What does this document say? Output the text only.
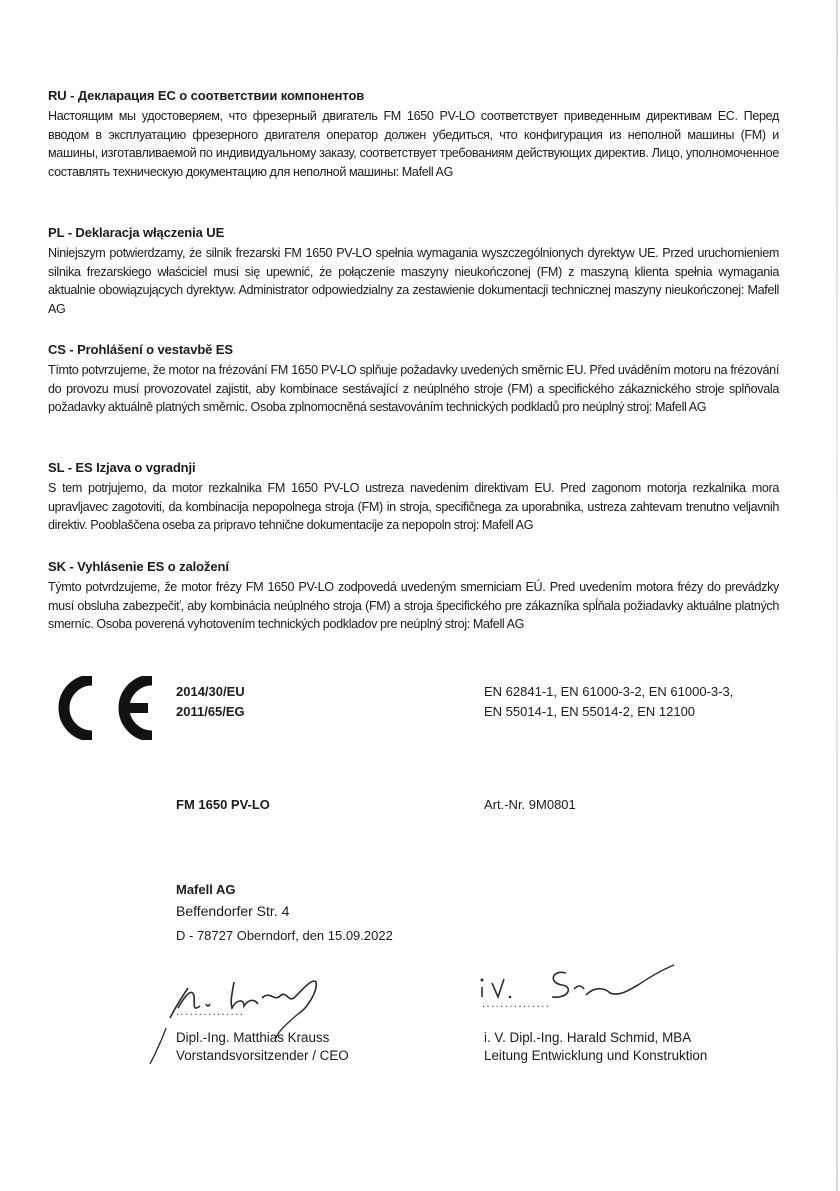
RU - Декларация ЕС о соответствии компонентов
Настоящим мы удостоверяем, что фрезерный двигатель FM 1650 PV-LO соответствует приведенным директивам ЕС. Перед вводом в эксплуатацию фрезерного двигателя оператор должен убедиться, что конфигурация из неполной машины (FM) и машины, изготавливаемой по индивидуальному заказу, соответствует требованиям действующих директив. Лицо, уполномоченное составлять техническую документацию для неполной машины: Mafell AG
PL - Deklaracja włączenia UE
Niniejszym potwierdzamy, że silnik frezarski FM 1650 PV-LO spełnia wymagania wyszczególnionych dyrektyw UE. Przed uruchomieniem silnika frezarskiego właściciel musi się upewnić, że połączenie maszyny nieukończonej (FM) z maszyną klienta spełnia wymagania aktualnie obowiązujących dyrektyw. Administrator odpowiedzialny za zestawienie dokumentacji technicznej maszyny nieukończonej: Mafell AG
CS - Prohlášení o vestavbě ES
Tímto potvrzujeme, že motor na frézování FM 1650 PV-LO splňuje požadavky uvedených směrnic EU. Před uváděním motoru na frézování do provozu musí provozovatel zajistit, aby kombinace sestávající z neúplného stroje (FM) a specifického zákaznického stroje splňovala požadavky aktuálně platných směrnic. Osoba zplnomocněná sestavováním technických podkladů pro neúplný stroj: Mafell AG
SL - ES Izjava o vgradnji
S tem potrjujemo, da motor rezkalnika FM 1650 PV-LO ustreza navedenim direktivam EU. Pred zagonom motorja rezkalnika mora upravljavec zagotoviti, da kombinacija nepopolnega stroja (FM) in stroja, specifičnega za uporabnika, ustreza zahtevam trenutno veljavnih direktiv. Pooblaščena oseba za pripravo tehnične dokumentacije za nepopoln stroj: Mafell AG
SK - Vyhlásenie ES o založení
Týmto potvrdzujeme, že motor frézy FM 1650 PV-LO zodpovedá uvedeným smerniciam EÚ. Pred uvedením motora frézy do prevádzky musí obsluha zabezpečiť, aby kombinácia neúplného stroja (FM) a stroja špecifického pre zákazníka spĺňala požiadavky aktuálne platných smerníc. Osoba poverená vyhotovením technických podkladov pre neúplný stroj: Mafell AG
2014/30/EU
2011/65/EG
EN 62841-1, EN 61000-3-2, EN 61000-3-3,
EN 55014-1, EN 55014-2, EN 12100
FM 1650 PV-LO	Art.-Nr. 9M0801
Mafell AG
Beffendorfer Str. 4
D - 78727 Oberndorf, den 15.09.2022
...............
Dipl.-Ing. Matthias Krauss
Vorstandsvorsitzender / CEO
...............
i. V. Dipl.-Ing. Harald Schmid, MBA
Leitung Entwicklung und Konstruktion
